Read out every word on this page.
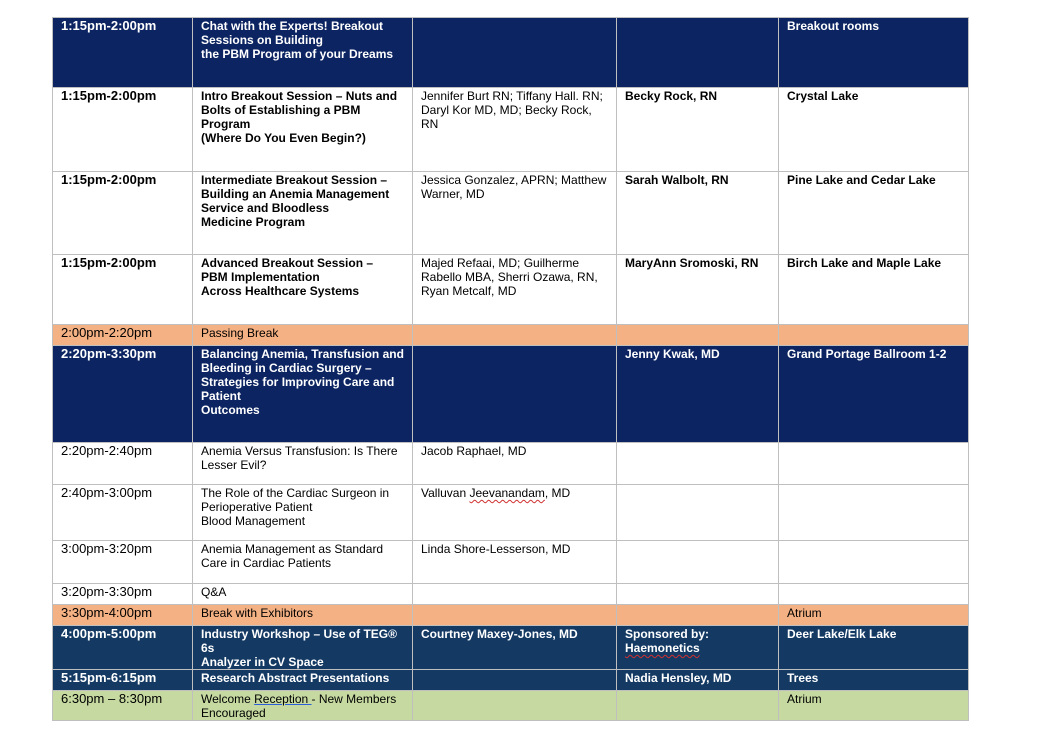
1:15pm-2:00pm	Chat with the Experts! Breakout
Sessions on Building
the PBM Program of your Dreams			Breakout rooms
1:15pm-2:00pm	Intro Breakout Session – Nuts and
Bolts of Establishing a PBM
Program
(Where Do You Even Begin?)	Jennifer Burt RN; Tiffany Hall. RN;
Daryl Kor MD, MD; Becky Rock, RN	Becky Rock, RN	Crystal Lake
1:15pm-2:00pm	Intermediate Breakout Session –
Building an Anemia Management
Service and Bloodless
Medicine Program	Jessica Gonzalez, APRN; Matthew
Warner, MD	Sarah Walbolt, RN	Pine Lake and Cedar Lake
1:15pm-2:00pm	Advanced Breakout Session –
PBM Implementation
Across Healthcare Systems	Majed Refaai, MD; Guilherme
Rabello MBA, Sherri Ozawa, RN,
Ryan Metcalf, MD	MaryAnn Sromoski, RN	Birch Lake and Maple Lake
2:00pm-2:20pm	Passing Break			
2:20pm-3:30pm	Balancing Anemia, Transfusion and
Bleeding in Cardiac Surgery –
Strategies for Improving Care and
Patient
Outcomes		Jenny Kwak, MD	Grand Portage Ballroom 1-2
2:20pm-2:40pm	Anemia Versus Transfusion: Is There
Lesser Evil?	Jacob Raphael, MD		
2:40pm-3:00pm	The Role of the Cardiac Surgeon in
Perioperative Patient
Blood Management	Valluvan Jeevanandam, MD		
3:00pm-3:20pm	Anemia Management as Standard
Care in Cardiac Patients	Linda Shore-Lesserson, MD		
3:20pm-3:30pm	Q&A			
3:30pm-4:00pm	Break with Exhibitors			Atrium
4:00pm-5:00pm	Industry Workshop – Use of TEG® 6s
Analyzer in CV Space	Courtney Maxey-Jones, MD	Sponsored by:
Haemonetics	Deer Lake/Elk Lake
5:15pm-6:15pm	Research Abstract Presentations		Nadia Hensley, MD	Trees
6:30pm – 8:30pm	Welcome Reception - New Members
Encouraged			Atrium
